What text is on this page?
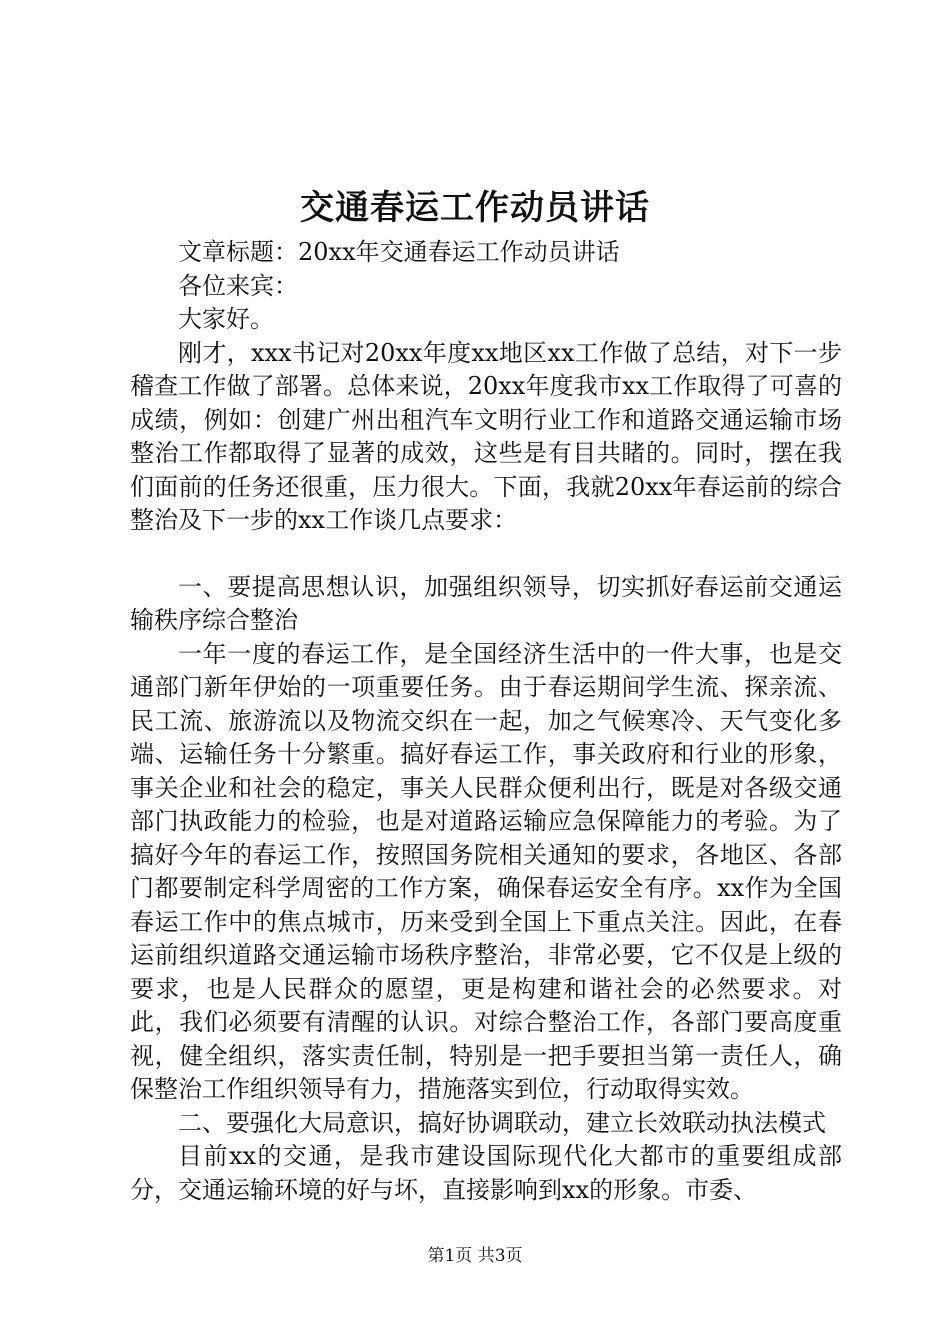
交通春运工作动员讲话

文章标题：20xx年交通春运工作动员讲话

各位来宾：

大家好。

刚才，xxx书记对20xx年度xx地区xx工作做了总结，对下一步稽查工作做了部署。总体来说，20xx年度我市xx工作取得了可喜的成绩，例如：创建广州出租汽车文明行业工作和道路交通运输市场整治工作都取得了显著的成效，这些是有目共睹的。同时，摆在我们面前的任务还很重，压力很大。下面，我就20xx年春运前的综合整治及下一步的xx工作谈几点要求：

一、要提高思想认识，加强组织领导，切实抓好春运前交通运输秩序综合整治

一年一度的春运工作，是全国经济生活中的一件大事，也是交通部门新年伊始的一项重要任务。由于春运期间学生流、探亲流、民工流、旅游流以及物流交织在一起，加之气候寒冷、天气变化多端、运输任务十分繁重。搞好春运工作，事关政府和行业的形象，事关企业和社会的稳定，事关人民群众便利出行，既是对各级交通部门执政能力的检验，也是对道路运输应急保障能力的考验。为了搞好今年的春运工作，按照国务院相关通知的要求，各地区、各部门都要制定科学周密的工作方案，确保春运安全有序。xx作为全国春运工作中的焦点城市，历来受到全国上下重点关注。因此，在春运前组织道路交通运输市场秩序整治，非常必要，它不仅是上级的要求，也是人民群众的愿望，更是构建和谐社会的必然要求。对此，我们必须要有清醒的认识。对综合整治工作，各部门要高度重视，健全组织，落实责任制，特别是一把手要担当第一责任人，确保整治工作组织领导有力，措施落实到位，行动取得实效。

二、要强化大局意识，搞好协调联动，建立长效联动执法模式

目前xx的交通，是我市建设国际现代化大都市的重要组成部分，交通运输环境的好与坏，直接影响到xx的形象。市委、

第1页 共3页
